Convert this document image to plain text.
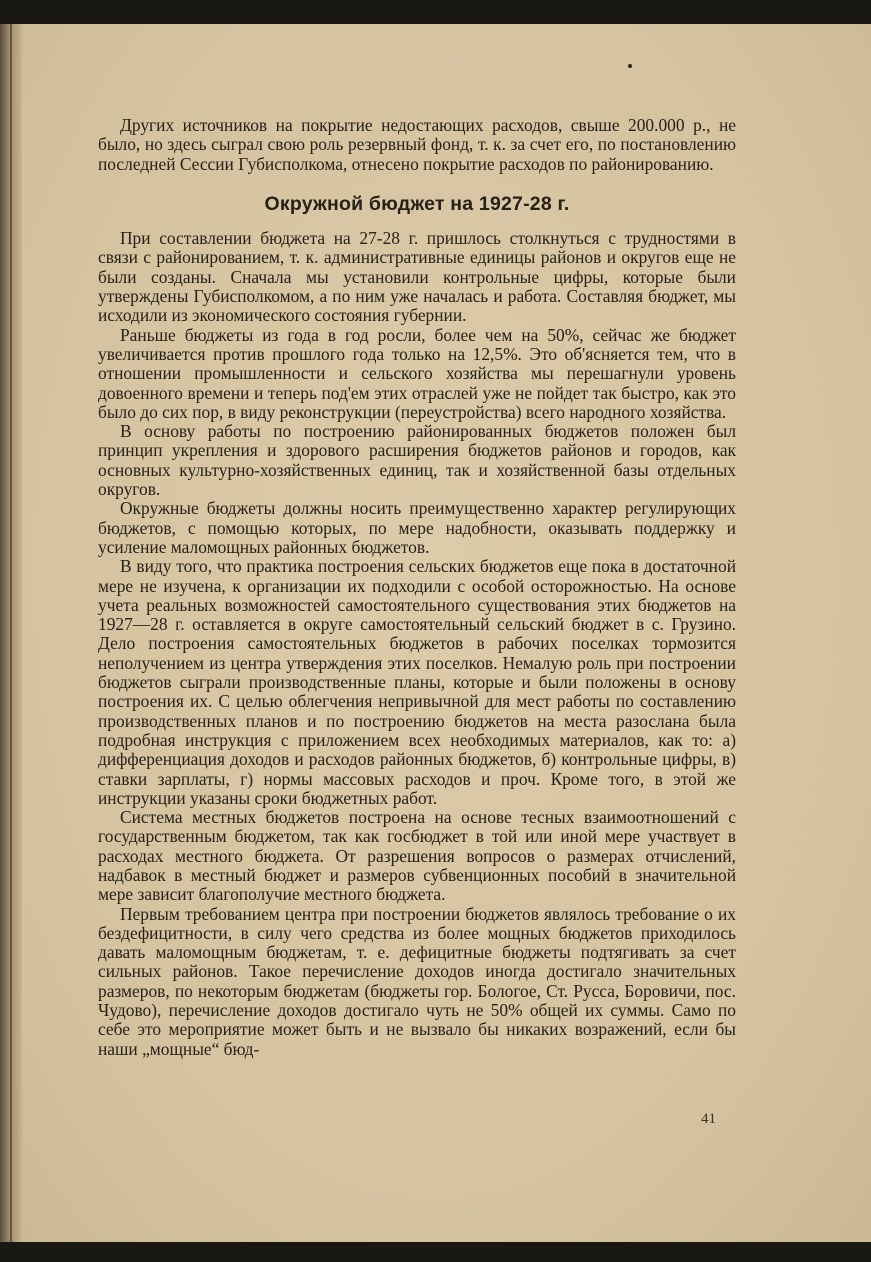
Других источников на покрытие недостающих расходов, свыше 200.000 р., не было, но здесь сыграл свою роль резервный фонд, т. к. за счет его, по постановлению последней Сессии Губисполкома, отнесено покрытие расходов по районированию.

Окружной бюджет на 1927-28 г.

При составлении бюджета на 27-28 г. пришлось столкнуться с трудностями в связи с районированием, т. к. административные единицы районов и округов еще не были созданы. Сначала мы установили контрольные цифры, которые были утверждены Губисполкомом, а по ним уже началась и работа. Составляя бюджет, мы исходили из экономического состояния губернии.

Раньше бюджеты из года в год росли, более чем на 50%, сейчас же бюджет увеличивается против прошлого года только на 12,5%. Это об'ясняется тем, что в отношении промышленности и сельского хозяйства мы перешагнули уровень довоенного времени и теперь под'ем этих отраслей уже не пойдет так быстро, как это было до сих пор, в виду реконструкции (переустройства) всего народного хозяйства.

В основу работы по построению районированных бюджетов положен был принцип укрепления и здорового расширения бюджетов районов и городов, как основных культурно-хозяйственных единиц, так и хозяйственной базы отдельных округов.

Окружные бюджеты должны носить преимущественно характер регулирующих бюджетов, с помощью которых, по мере надобности, оказывать поддержку и усиление маломощных районных бюджетов.

В виду того, что практика построения сельских бюджетов еще пока в достаточной мере не изучена, к организации их подходили с особой осторожностью. На основе учета реальных возможностей самостоятельного существования этих бюджетов на 1927—28 г. оставляется в округе самостоятельный сельский бюджет в с. Грузино. Дело построения самостоятельных бюджетов в рабочих поселках тормозится неполучением из центра утверждения этих поселков. Немалую роль при построении бюджетов сыграли производственные планы, которые и были положены в основу построения их. С целью облегчения непривычной для мест работы по составлению производственных планов и по построению бюджетов на места разослана была подробная инструкция с приложением всех необходимых материалов, как то: а) дифференциация доходов и расходов районных бюджетов, б) контрольные цифры, в) ставки зарплаты, г) нормы массовых расходов и проч. Кроме того, в этой же инструкции указаны сроки бюджетных работ.

Система местных бюджетов построена на основе тесных взаимоотношений с государственным бюджетом, так как госбюджет в той или иной мере участвует в расходах местного бюджета. От разрешения вопросов о размерах отчислений, надбавок в местный бюджет и размеров субвенционных пособий в значительной мере зависит благополучие местного бюджета.

Первым требованием центра при построении бюджетов являлось требование о их бездефицитности, в силу чего средства из более мощных бюджетов приходилось давать маломощным бюджетам, т. е. дефицитные бюджеты подтягивать за счет сильных районов. Такое перечисление доходов иногда достигало значительных размеров, по некоторым бюджетам (бюджеты гор. Бологое, Ст. Русса, Боровичи, пос. Чудово), перечисление доходов достигало чуть не 50% общей их суммы. Само по себе это мероприятие может быть и не вызвало бы никаких возражений, если бы наши „мощные“ бюд-

41
